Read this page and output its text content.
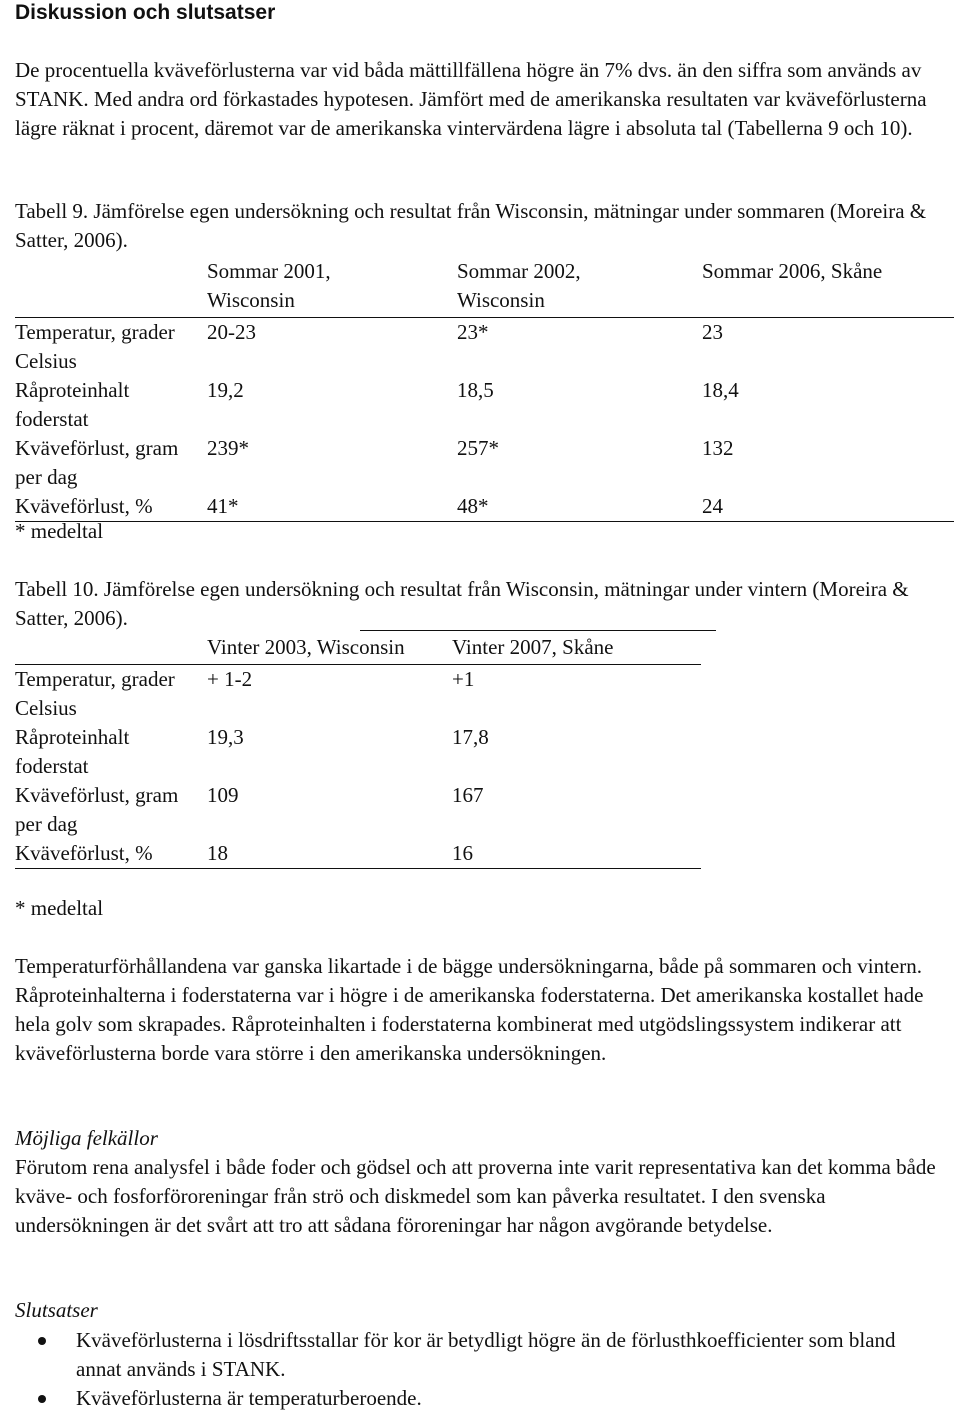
Diskussion och slutsatser

De procentuella kväveförlusterna var vid båda mättillfällena högre än 7% dvs. än den siffra som används av STANK. Med andra ord förkastades hypotesen. Jämfört med de amerikanska resultaten var kväveförlusterna lägre räknat i procent, däremot var de amerikanska vintervärdena lägre i absoluta tal (Tabellerna 9 och 10).

Tabell 9. Jämförelse egen undersökning och resultat från Wisconsin, mätningar under sommaren (Moreira & Satter, 2006).

	Sommar 2001, Wisconsin	Sommar 2002, Wisconsin	Sommar 2006, Skåne
Temperatur, grader Celsius	20-23	23*	23
Råproteinhalt foderstat	19,2	18,5	18,4
Kväveförlust, gram per dag	239*	257*	132
Kväveförlust, %	41*	48*	24

* medeltal

Tabell 10. Jämförelse egen undersökning och resultat från Wisconsin, mätningar under vintern (Moreira & Satter, 2006).

	Vinter 2003, Wisconsin	Vinter 2007, Skåne
Temperatur, grader Celsius	+ 1-2	+1
Råproteinhalt foderstat	19,3	17,8
Kväveförlust, gram per dag	109	167
Kväveförlust, %	18	16

* medeltal

Temperaturförhållandena var ganska likartade i de bägge undersökningarna, både på sommaren och vintern. Råproteinhalterna i foderstaterna var i högre i de amerikanska foderstaterna. Det amerikanska kostallet hade hela golv som skrapades. Råproteinhalten i foderstaterna kombinerat med utgödslingssystem indikerar att kväveförlusterna borde vara större i den amerikanska undersökningen.

Möjliga felkällor

Förutom rena analysfel i både foder och gödsel och att proverna inte varit representativa kan det komma både kväve- och fosforföroreningar från strö och diskmedel som kan påverka resultatet. I den svenska undersökningen är det svårt att tro att sådana föroreningar har någon avgörande betydelse.

Slutsatser

Kväveförlusterna i lösdriftsstallar för kor är betydligt högre än de förlusthkoefficienter som bland annat används i STANK.
Kväveförlusterna är temperaturberoende.
